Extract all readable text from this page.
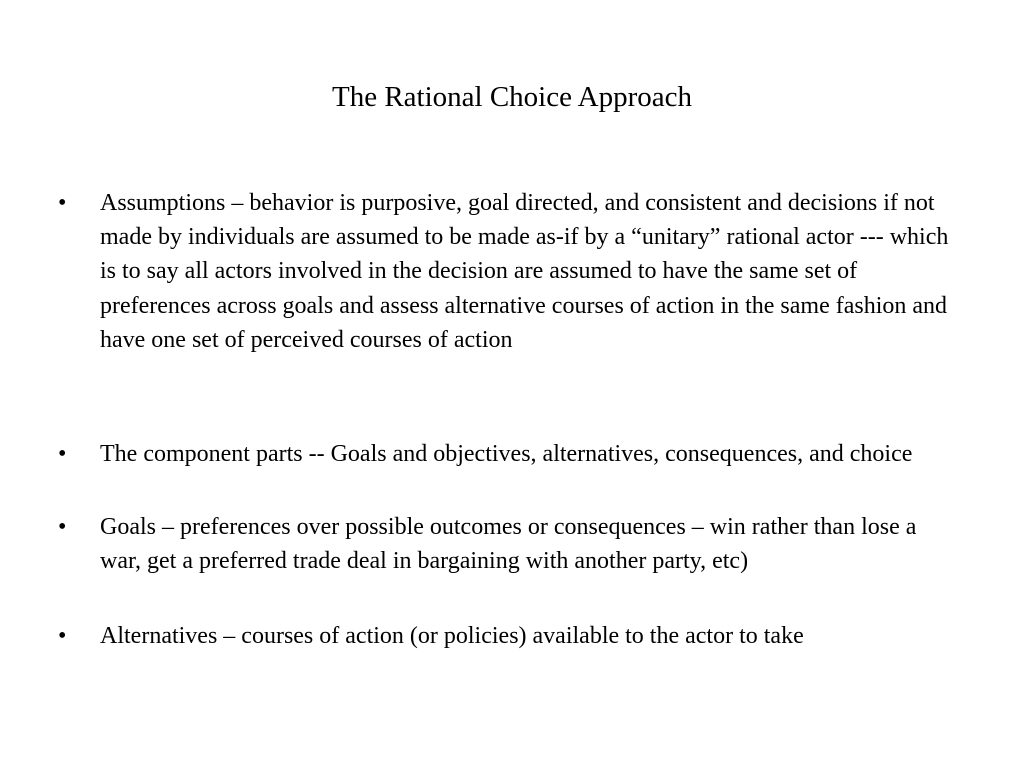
The Rational Choice Approach
• Assumptions – behavior is purposive, goal directed, and consistent and decisions if not made by individuals are assumed to be made as-if by a “unitary” rational actor --- which is to say all actors involved in the decision are assumed to have the same set of preferences across goals and assess alternative courses of action in the same fashion and have one set of perceived courses of action

• The component parts -- Goals and objectives, alternatives, consequences, and choice

• Goals – preferences over possible outcomes or consequences – win rather than lose a war, get a preferred trade deal in bargaining with another party, etc)

• Alternatives – courses of action (or policies) available to the actor to take
